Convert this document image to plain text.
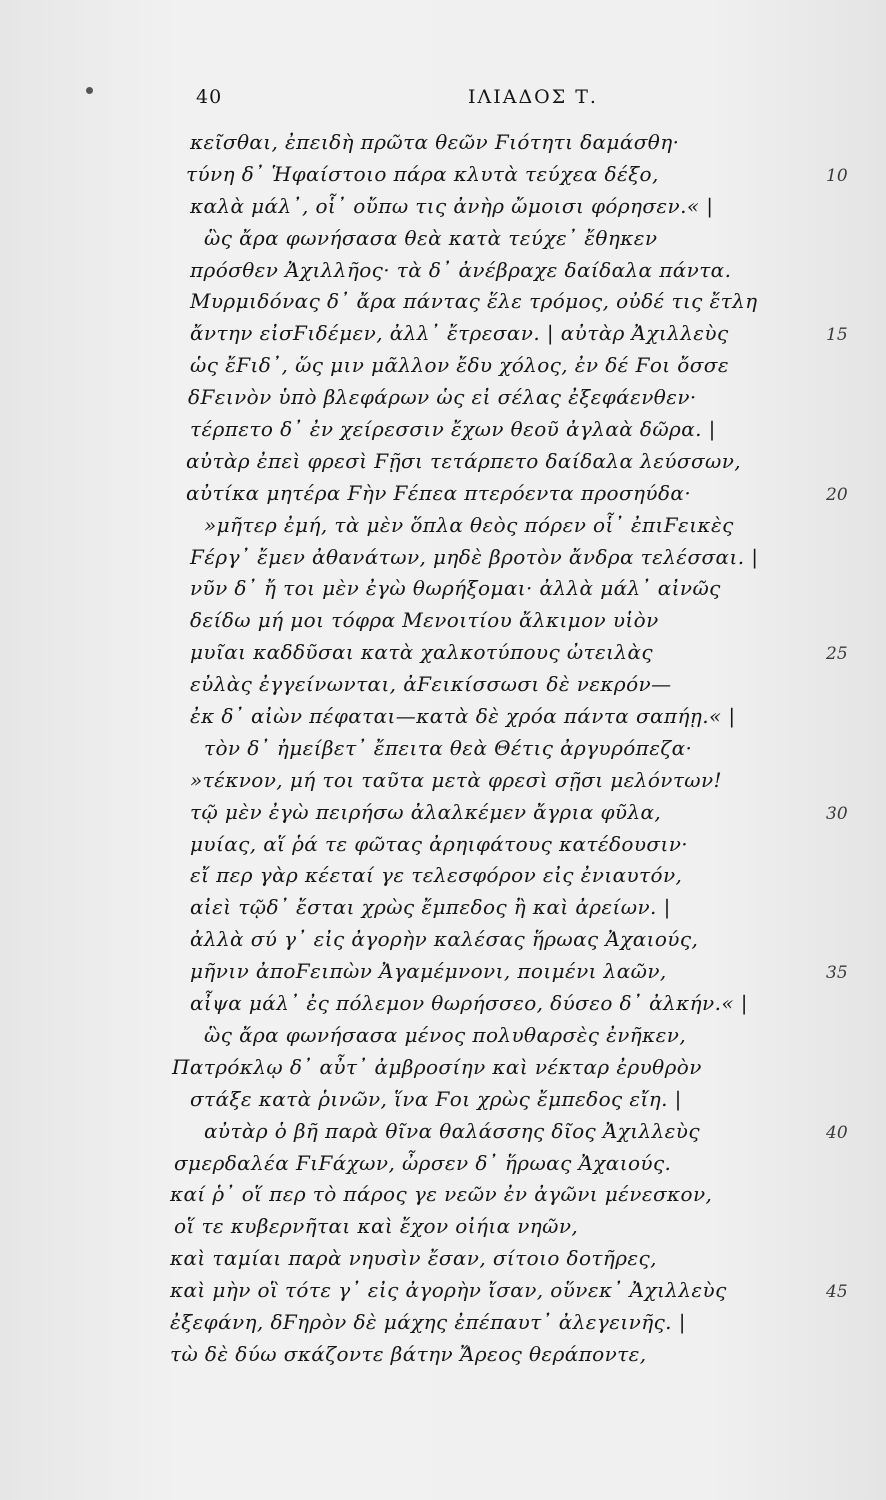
40	ΙΛΙΑΔΟΣ Τ.
κεῖσθαι, ἐπειδὴ πρῶτα θεῶν Ϝιότητι δαμάσθη·
τύνη δ᾽ Ἡφαίστοιο πάρα κλυτὰ τεύχεα δέξο,	10
καλὰ μάλ᾽, οἷ᾽ οὔπω τις ἀνὴρ ὤμοισι φόρησεν.« |
ὣς ἄρα φωνήσασα θεὰ κατὰ τεύχε᾽ ἔθηκεν
πρόσθεν Ἀχιλλῆος· τὰ δ᾽ ἀνέβραχε δαίδαλα πάντα.
Μυρμιδόνας δ᾽ ἄρα πάντας ἕλε τρόμος, οὐδέ τις ἔτλη
ἄντην εἰσϜιδέμεν, ἀλλ᾽ ἔτρεσαν. | αὐτὰρ Ἀχιλλεὺς	15
ὡς ἔϜιδ᾽, ὥς μιν μᾶλλον ἔδυ χόλος, ἐν δέ Ϝοι ὄσσε
δϜεινὸν ὑπὸ βλεφάρων ὡς εἰ σέλας ἐξεφάενθεν·
τέρπετο δ᾽ ἐν χείρεσσιν ἔχων θεοῦ ἀγλαὰ δῶρα. |
αὐτὰρ ἐπεὶ φρεσὶ Ϝῇσι τετάρπετο δαίδαλα λεύσσων,
αὐτίκα μητέρα Ϝὴν Ϝέπεα πτερόεντα προσηύδα·	20
»μῆτερ ἐμή, τὰ μὲν ὅπλα θεὸς πόρεν οἷ᾽ ἐπιϜεικὲς
Ϝέργ᾽ ἔμεν ἀθανάτων, μηδὲ βροτὸν ἄνδρα τελέσσαι. |
νῦν δ᾽ ἤ τοι μὲν ἐγὼ θωρήξομαι· ἀλλὰ μάλ᾽ αἰνῶς
δείδω μή μοι τόφρα Μενοιτίου ἄλκιμον υἱὸν
μυῖαι καδδῦσαι κατὰ χαλκοτύπους ὠτειλὰς	25
εὐλὰς ἐγγείνωνται, ἀϜεικίσσωσι δὲ νεκρόν—
ἐκ δ᾽ αἰὼν πέφαται—κατὰ δὲ χρόα πάντα σαπήῃ.« |
τὸν δ᾽ ἠμείβετ᾽ ἔπειτα θεὰ Θέτις ἀργυρόπεζα·
»τέκνον, μή τοι ταῦτα μετὰ φρεσὶ σῇσι μελόντων!
τῷ μὲν ἐγὼ πειρήσω ἀλαλκέμεν ἄγρια φῦλα,	30
μυίας, αἵ ῥά τε φῶτας ἀρηιφάτους κατέδουσιν·
εἴ περ γὰρ κέεταί γε τελεσφόρον εἰς ἐνιαυτόν,
αἰεὶ τῷδ᾽ ἔσται χρὼς ἔμπεδος ἢ καὶ ἀρείων. |
ἀλλὰ σύ γ᾽ εἰς ἀγορὴν καλέσας ἥρωας Ἀχαιούς,
μῆνιν ἀποϜειπὼν Ἀγαμέμνονι, ποιμένι λαῶν,	35
αἶψα μάλ᾽ ἐς πόλεμον θωρήσσεο, δύσεο δ᾽ ἀλκήν.« |
ὣς ἄρα φωνήσασα μένος πολυθαρσὲς ἐνῆκεν,
Πατρόκλῳ δ᾽ αὖτ᾽ ἀμβροσίην καὶ νέκταρ ἐρυθρὸν
στάξε κατὰ ῥινῶν, ἵνα Ϝοι χρὼς ἔμπεδος εἴη. |
αὐτὰρ ὁ βῆ παρὰ θῖνα θαλάσσης δῖος Ἀχιλλεὺς	40
σμερδαλέα ϜιϜάχων, ὦρσεν δ᾽ ἥρωας Ἀχαιούς.
καί ῥ᾽ οἵ περ τὸ πάρος γε νεῶν ἐν ἀγῶνι μένεσκον,
οἵ τε κυβερνῆται καὶ ἔχον οἰήια νηῶν,
καὶ ταμίαι παρὰ νηυσὶν ἔσαν, σίτοιο δοτῆρες,
καὶ μὴν οἳ τότε γ᾽ εἰς ἀγορὴν ἴσαν, οὕνεκ᾽ Ἀχιλλεὺς	45
ἐξεφάνη, δϜηρὸν δὲ μάχης ἐπέπαυτ᾽ ἀλεγεινῆς. |
τὼ δὲ δύω σκάζοντε βάτην Ἄρεος θεράποντε,
